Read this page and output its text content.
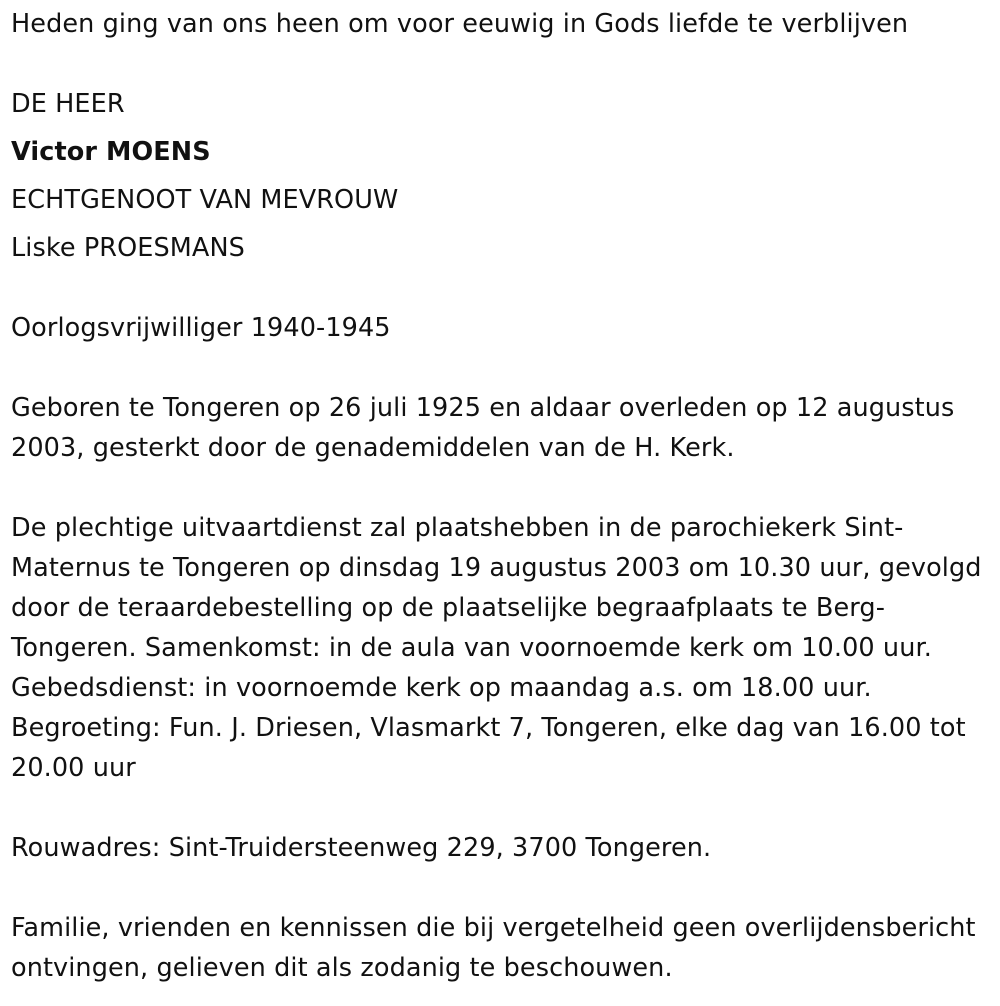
Heden ging van ons heen om voor eeuwig in Gods liefde te verblijven

DE HEER

Victor MOENS

ECHTGENOOT VAN MEVROUW

Liske PROESMANS

Oorlogsvrijwilliger 1940-1945

Geboren te Tongeren op 26 juli 1925 en aldaar overleden op 12 augustus 2003, gesterkt door de genademiddelen van de H. Kerk.

De plechtige uitvaartdienst zal plaatshebben in de parochiekerk Sint-Maternus te Tongeren op dinsdag 19 augustus 2003 om 10.30 uur, gevolgd door de teraardebestelling op de plaatselijke begraafplaats te Berg-Tongeren. Samenkomst: in de aula van voornoemde kerk om 10.00 uur. Gebedsdienst: in voornoemde kerk op maandag a.s. om 18.00 uur. Begroeting: Fun. J. Driesen, Vlasmarkt 7, Tongeren, elke dag van 16.00 tot 20.00 uur

Rouwadres: Sint-Truidersteenweg 229, 3700 Tongeren.

Familie, vrienden en kennissen die bij vergetelheid geen overlijdensbericht ontvingen, gelieven dit als zodanig te beschouwen.
